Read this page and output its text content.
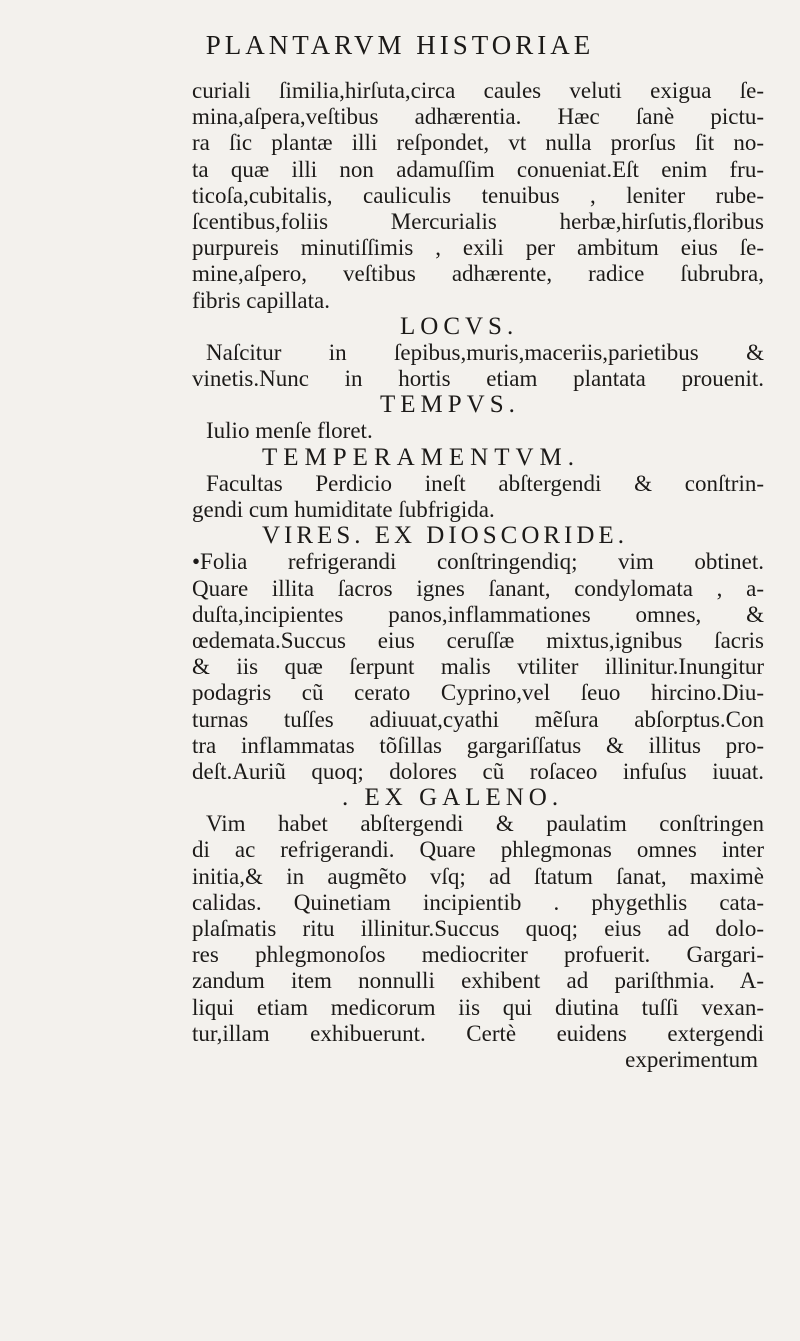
PLANTARVM HISTORIAE
curiali ſimilia,hirſuta,circa caules veluti exigua ſe-
mina,aſpera,veſtibus adhærentia. Hæc ſanè pictu-
ra ſic plantæ illi reſpondet, vt nulla prorſus ſit no-
ta quæ illi non adamuſſim conueniat.Eſt enim fru-
ticoſa,cubitalis, cauliculis tenuibus , leniter rube-
ſcentibus,foliis Mercurialis herbæ,hirſutis,floribus
purpureis minutiſſimis , exili per ambitum eius ſe-
mine,aſpero, veſtibus adhærente, radice ſubrubra,
fibris capillata.
LOCVS.
Naſcitur in ſepibus,muris,maceriis,parietibus &
vinetis.Nunc in hortis etiam plantata prouenit.
TEMPVS.
Iulio menſe floret.
TEMPERAMENTVM.
Facultas Perdicio ineſt abſtergendi & conſtrin-
gendi cum humiditate ſubfrigida.
VIRES. EX DIOSCORIDE.
•Folia refrigerandi conſtringendiq; vim obtinet.
Quare illita ſacros ignes ſanant, condylomata , a-
duſta,incipientes panos,inflammationes omnes, &
œdemata.Succus eius ceruſſæ mixtus,ignibus ſacris
& iis quæ ſerpunt malis vtiliter illinitur.Inungitur
podagris cũ cerato Cyprino,vel ſeuo hircino.Diu-
turnas tuſſes adiuuat,cyathi mẽſura abſorptus.Con
tra inflammatas tõſillas gargariſſatus & illitus pro-
deſt.Auriũ quoq; dolores cũ roſaceo infuſus iuuat.
. EX GALENO.
Vim habet abſtergendi & paulatim conſtringen
di ac refrigerandi. Quare phlegmonas omnes inter
initia,& in augmẽto vſq; ad ſtatum ſanat, maximè
calidas. Quinetiam incipientib . phygethlis cata-
plaſmatis ritu illinitur.Succus quoq; eius ad dolo-
res phlegmonoſos mediocriter profuerit. Gargari-
zandum item nonnulli exhibent ad pariſthmia. A-
liqui etiam medicorum iis qui diutina tuſſi vexan-
tur,illam exhibuerunt. Certè euidens extergendi
experimentum
